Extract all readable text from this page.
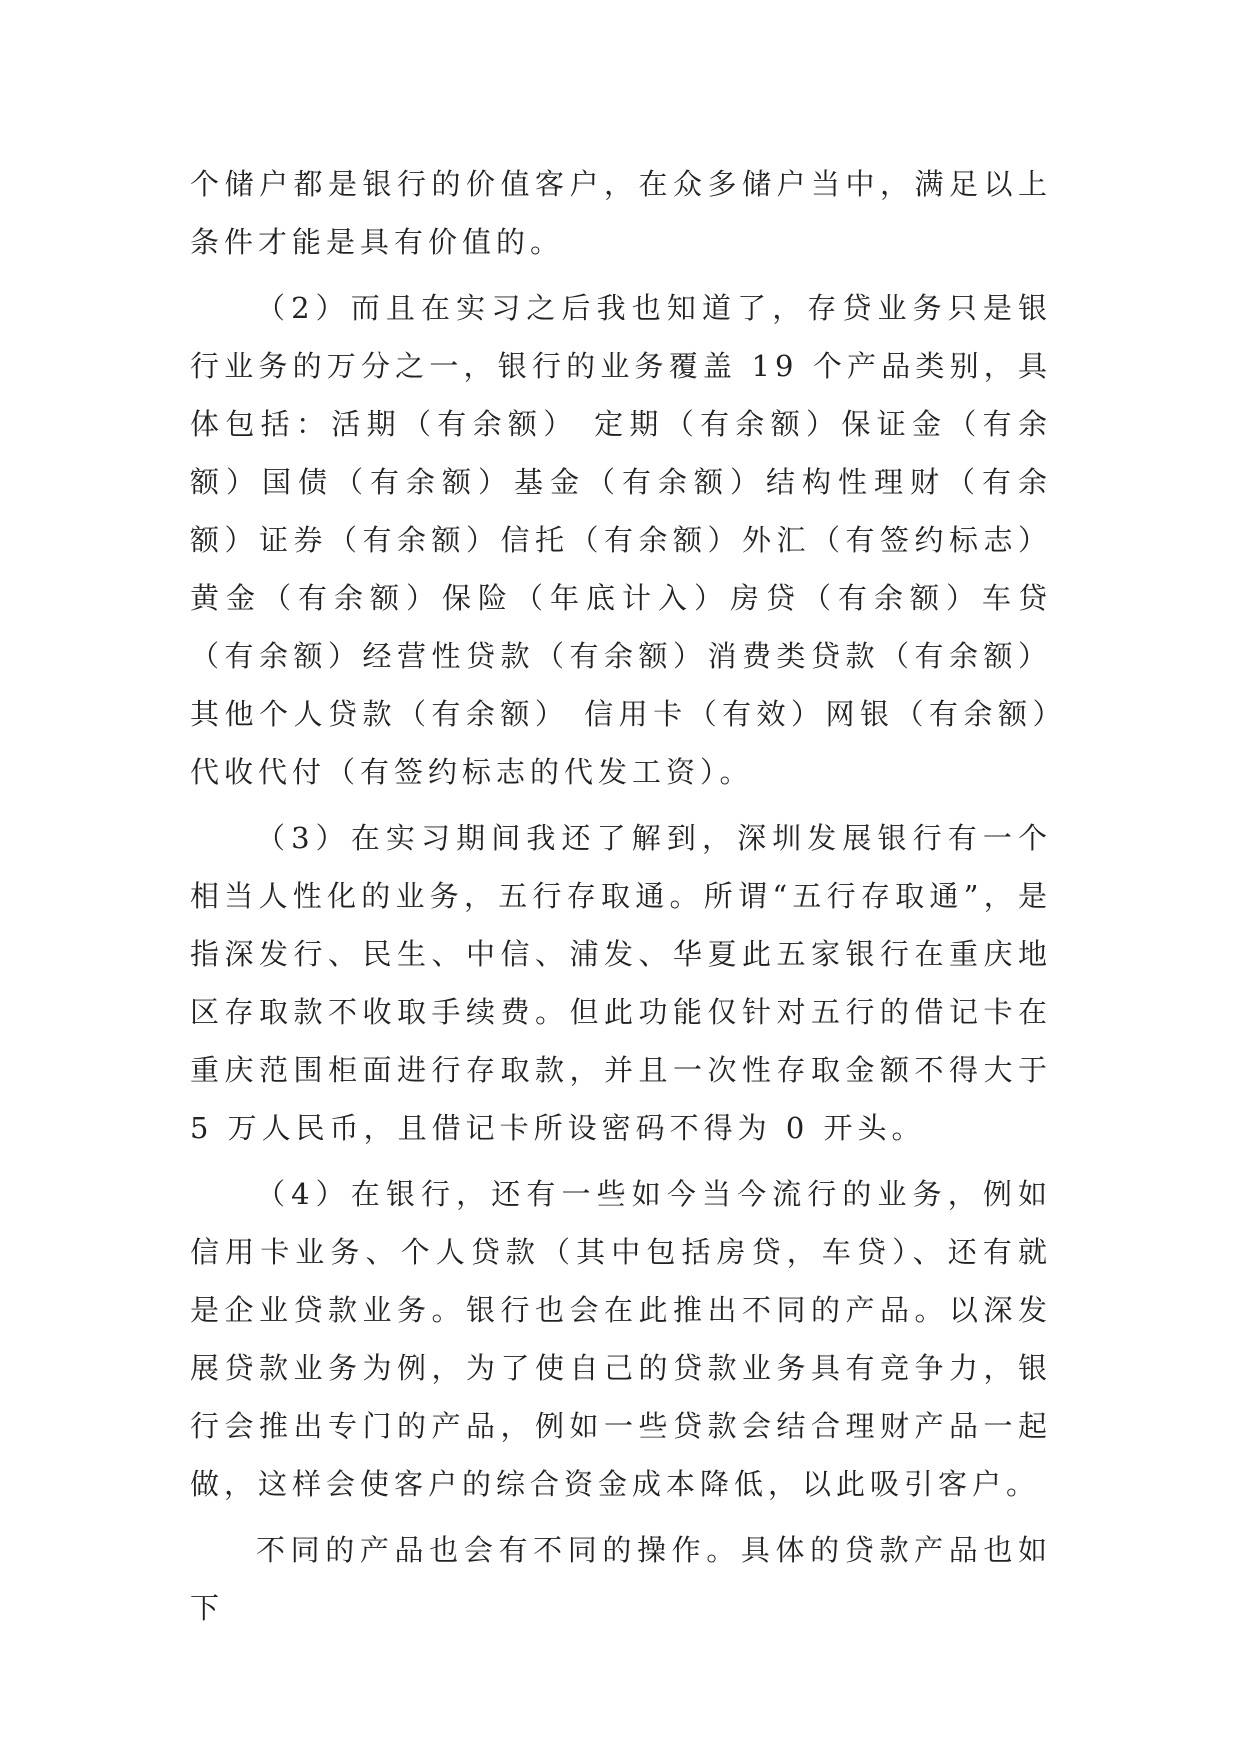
个储户都是银行的价值客户，在众多储户当中，满足以上条件才能是具有价值的。

（2）而且在实习之后我也知道了，存贷业务只是银行业务的万分之一，银行的业务覆盖 19 个产品类别，具体包括：活期（有余额） 定期（有余额）保证金（有余额）国债（有余额）基金（有余额）结构性理财（有余额）证券（有余额）信托（有余额）外汇（有签约标志）黄金（有余额）保险（年底计入）房贷（有余额）车贷（有余额）经营性贷款（有余额）消费类贷款（有余额） 其他个人贷款（有余额） 信用卡（有效）网银（有余额）代收代付（有签约标志的代发工资）。

（3）在实习期间我还了解到，深圳发展银行有一个相当人性化的业务，五行存取通。所谓“五行存取通”，是指深发行、民生、中信、浦发、华夏此五家银行在重庆地区存取款不收取手续费。但此功能仅针对五行的借记卡在重庆范围柜面进行存取款，并且一次性存取金额不得大于 5 万人民币，且借记卡所设密码不得为 0 开头。

（4）在银行，还有一些如今当今流行的业务，例如信用卡业务、个人贷款（其中包括房贷，车贷）、还有就是企业贷款业务。银行也会在此推出不同的产品。以深发展贷款业务为例，为了使自己的贷款业务具有竞争力，银行会推出专门的产品，例如一些贷款会结合理财产品一起做，这样会使客户的综合资金成本降低，以此吸引客户。

不同的产品也会有不同的操作。具体的贷款产品也如下
